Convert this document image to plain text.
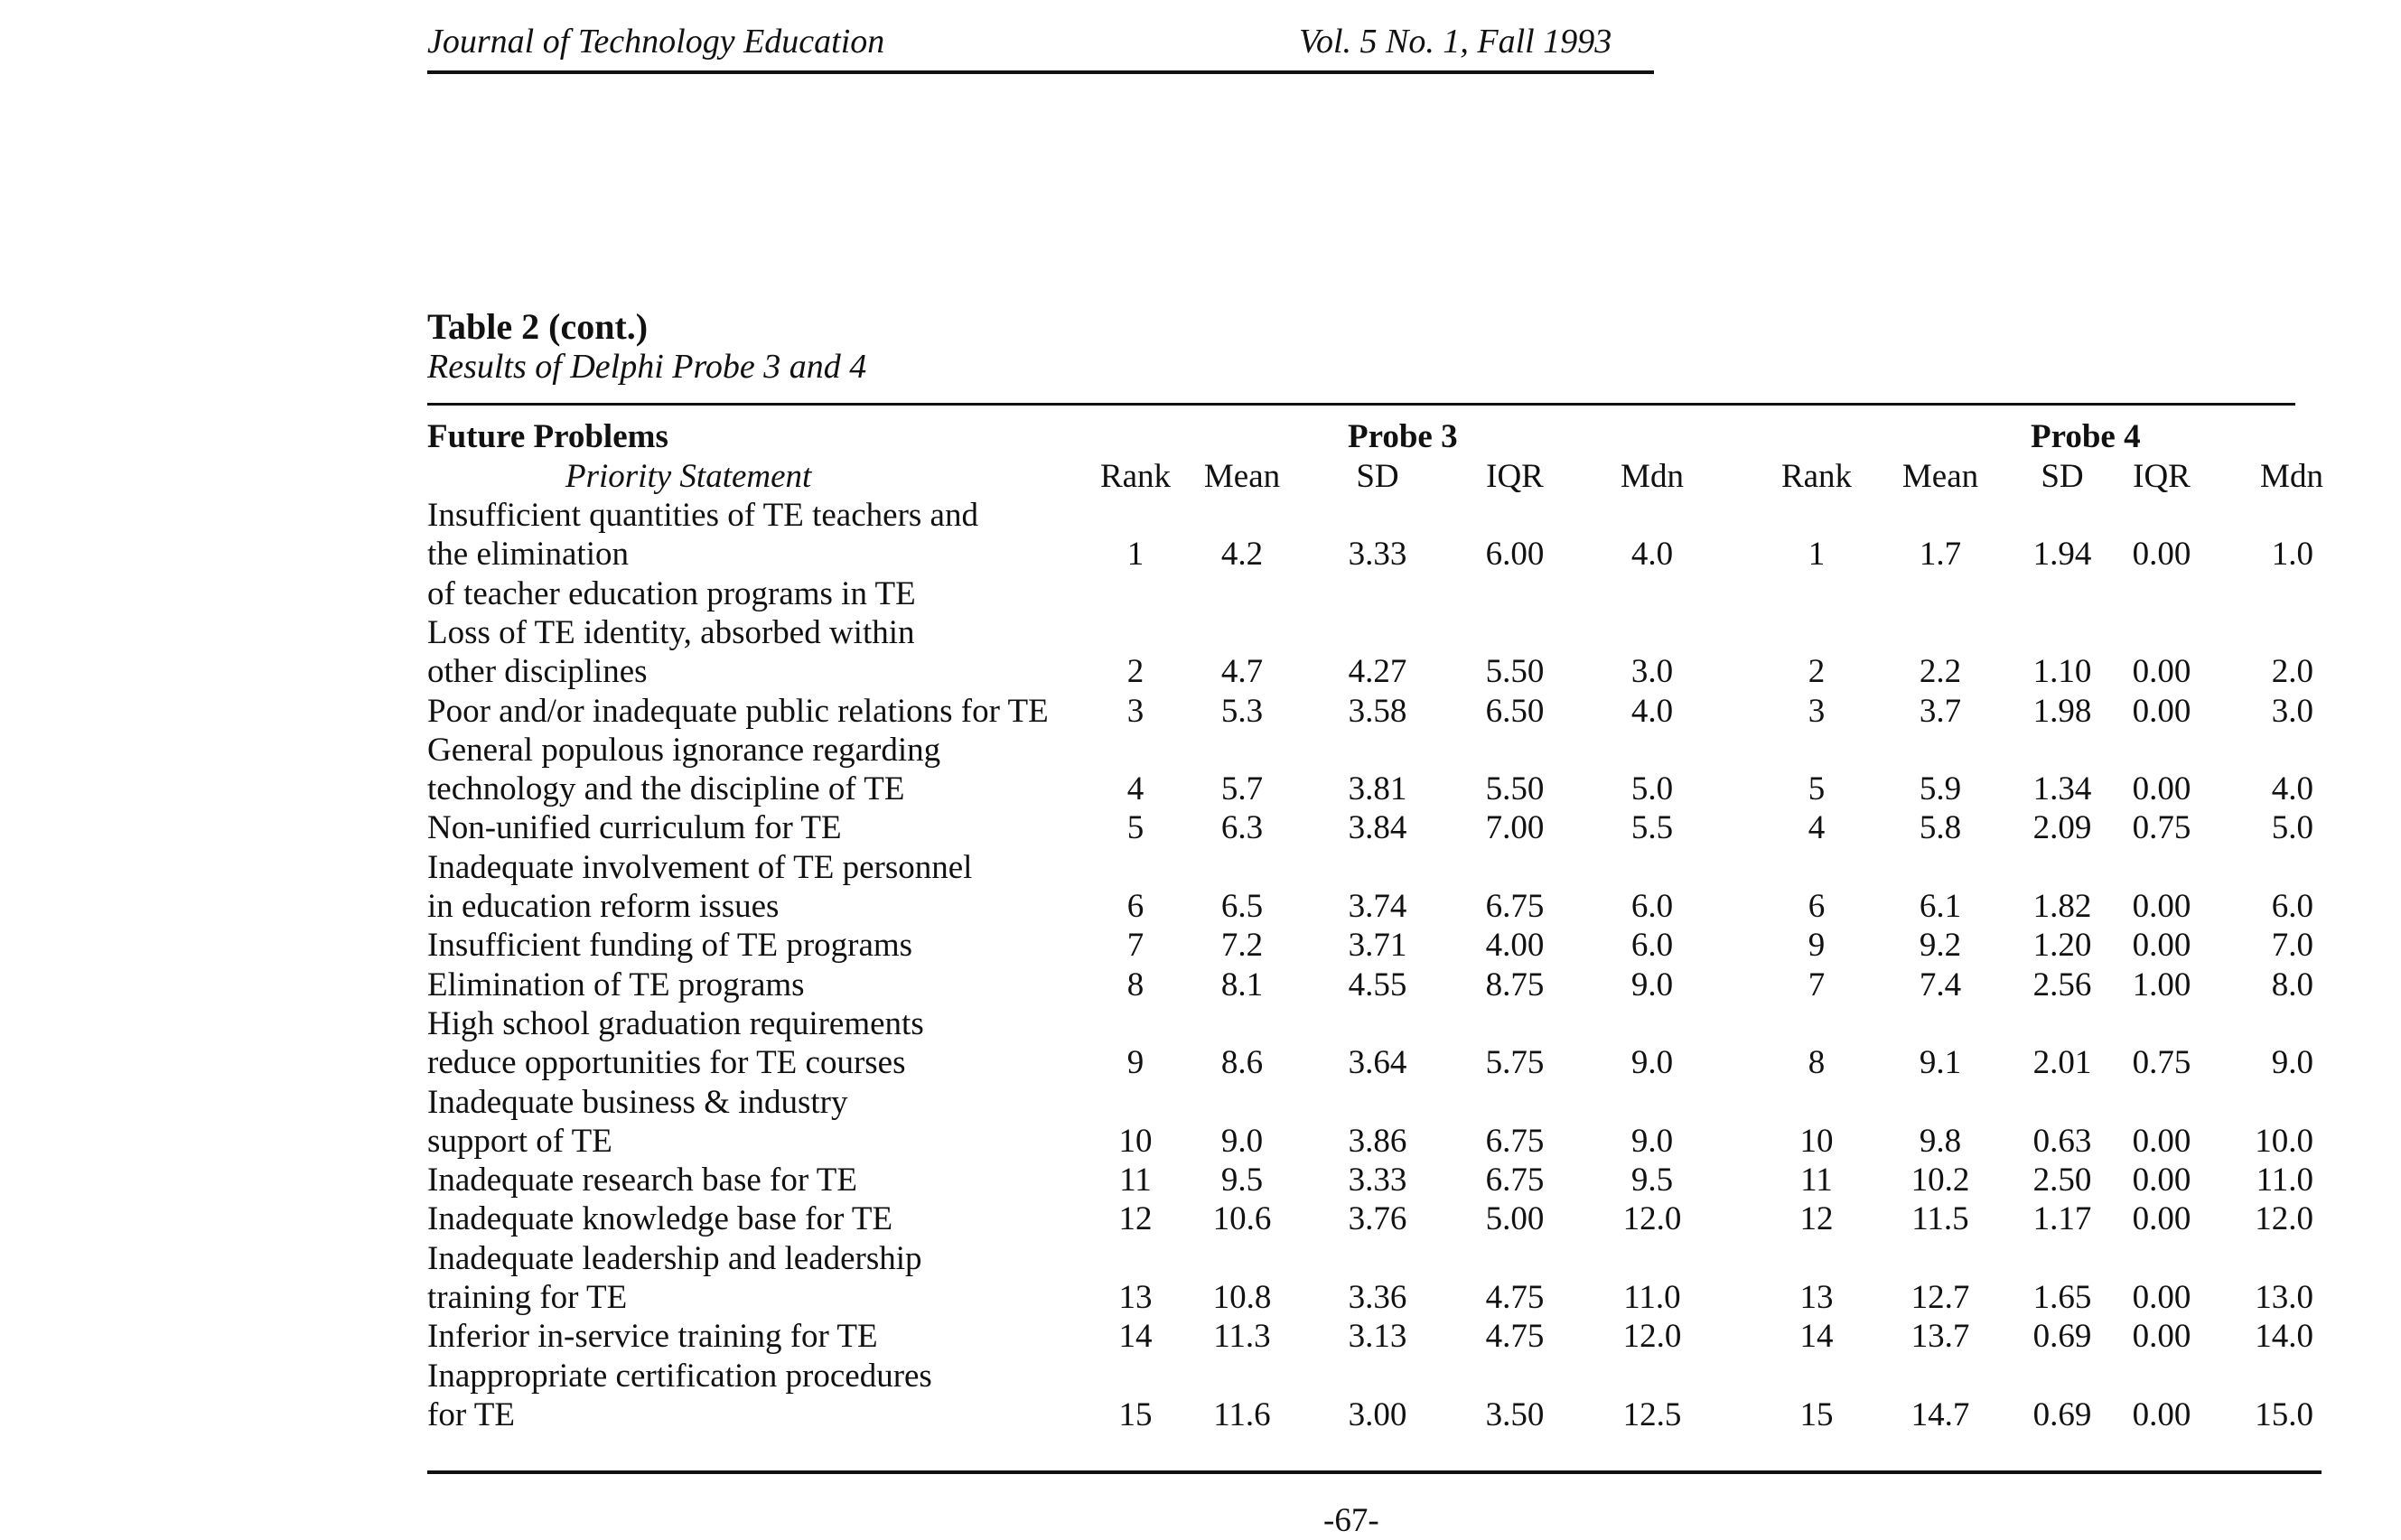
Journal of Technology Education	Vol. 5 No. 1, Fall 1993
Table 2 (cont.)
Results of Delphi Probe 3 and 4
Future Problems	Probe 3	Probe 4
Priority Statement	Rank Mean SD	IQR Mdn	Rank Mean SD IQR Mdn
Insufficient quantities of TE teachers and
the elimination
of teacher education programs in TE
1 4.2	3.33 6.00	4.0	1	1.7 1.94 0.00 1.0
Loss of TE identity, absorbed within
other disciplines	2 4.7	4.27 5.50	3.0	2	2.2 1.10 0.00 2.0
Poor and/or inadequate public relations for TE 3 5.3	3.58 6.50	4.0	3	3.7 1.98 0.00 3.0
General populous ignorance regarding
technology and the discipline of TE	4 5.7	3.81 5.50	5.0	5	5.9 1.34 0.00 4.0
Non-unified curriculum for TE	5 6.3	3.84 7.00	5.5	4	5.8 2.09 0.75 5.0
Inadequate involvement of TE personnel
in education reform issues	6 6.5	3.74 6.75	6.0	6	6.1 1.82 0.00 6.0
Insufficient funding of TE programs	7 7.2	3.71 4.00	6.0	9	9.2 1.20 0.00 7.0
Elimination of TE programs	8 8.1	4.55 8.75	9.0	7	7.4 2.56 1.00 8.0
High school graduation requirements
reduce opportunities for TE courses	9 8.6	3.64 5.75	9.0	8	9.1 2.01 0.75 9.0
Inadequate business & industry
support of TE	10 9.0	3.86 6.75	9.0	10	9.8 0.63 0.00 10.0
Inadequate research base for TE	11 9.5	3.33 6.75	9.5	11 10.2 2.50 0.00 11.0
Inadequate knowledge base for TE	12 10.6 3.76 5.00 12.0	12 11.5 1.17 0.00 12.0
Inadequate leadership and leadership
training for TE	13 10.8 3.36 4.75 11.0	13 12.7 1.65 0.00 13.0
Inferior in-service training for TE	14 11.3 3.13 4.75 12.0	14 13.7 0.69 0.00 14.0
Inappropriate certification procedures
for TE	15 11.6 3.00 3.50 12.5	15 14.7 0.69 0.00 15.0
-67-
